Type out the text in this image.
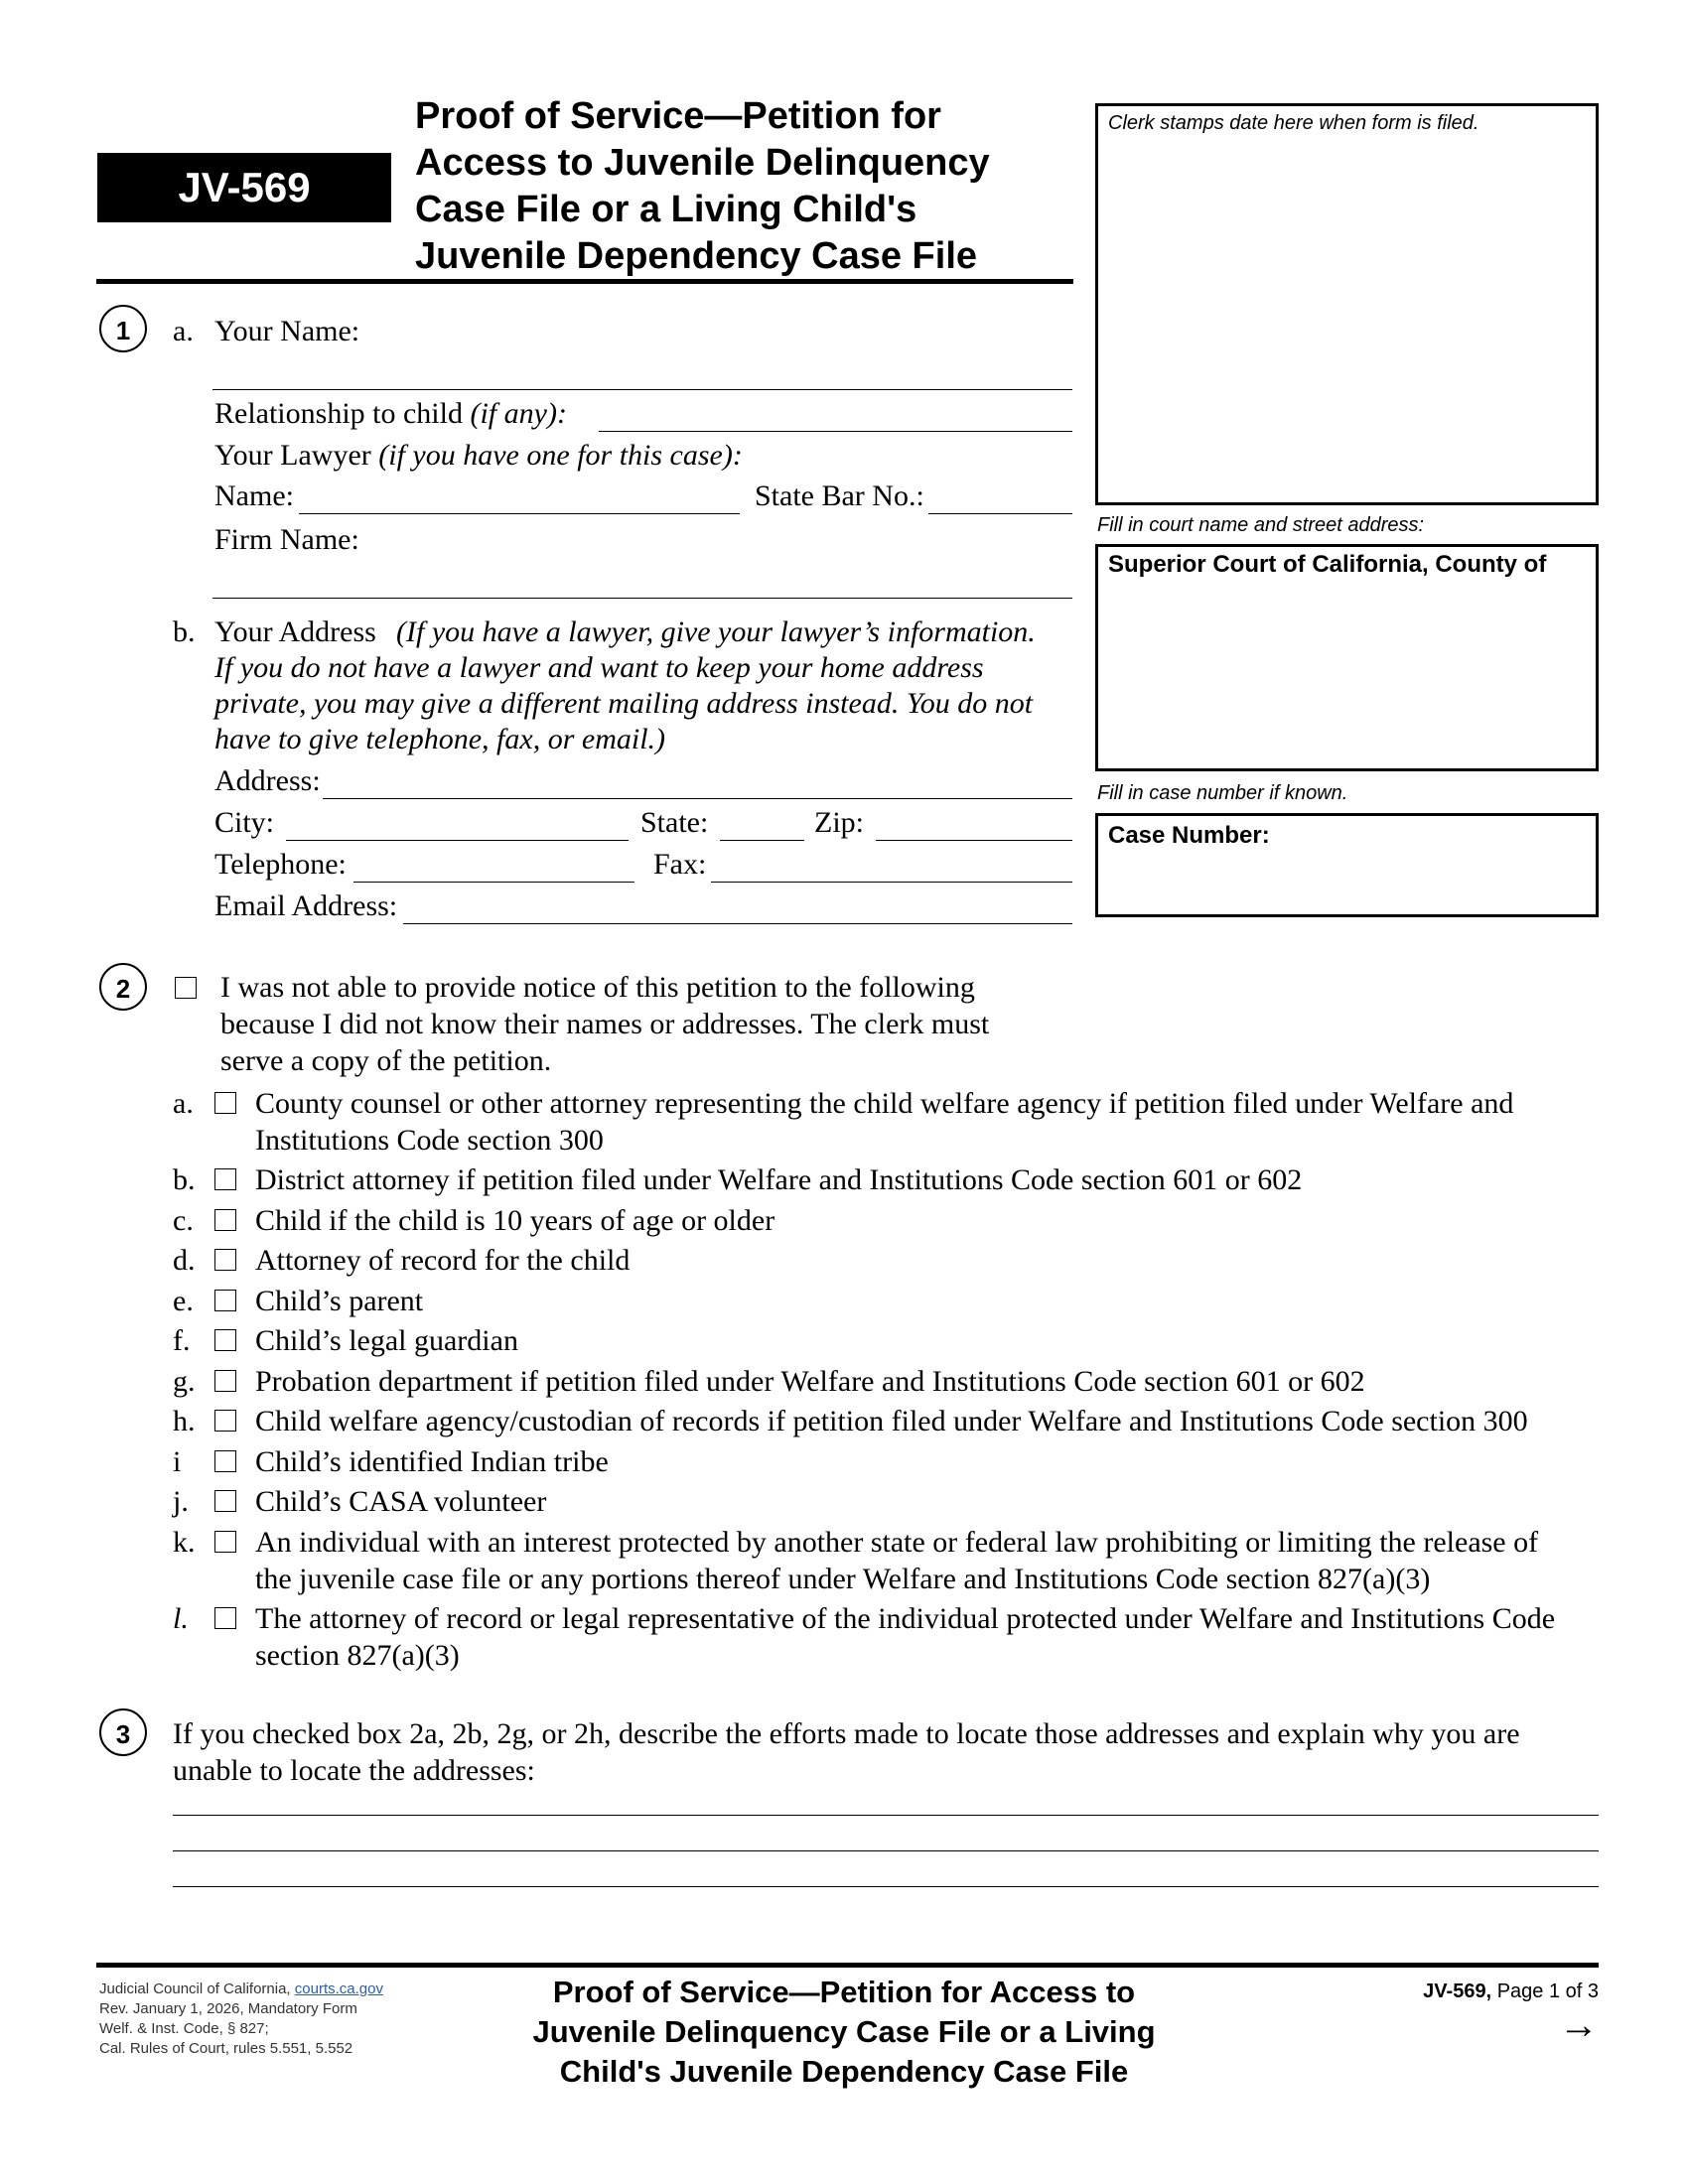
JV-569
Proof of Service—Petition for
Access to Juvenile Delinquency
Case File or a Living Child's
Juvenile Dependency Case File
Clerk stamps date here when form is filed.
Fill in court name and street address:
Superior Court of California, County of
Fill in case number if known.
Case Number:
1	a. Your Name:
Relationship to child (if any):
Your Lawyer (if you have one for this case):
Name:	State Bar No.:
Firm Name:
b. Your Address (If you have a lawyer, give your lawyer’s information.
If you do not have a lawyer and want to keep your home address
private, you may give a different mailing address instead. You do not
have to give telephone, fax, or email.)
Address:
City:	State:	Zip:
Telephone:	Fax:
Email Address:
2	I was not able to provide notice of this petition to the following
because I did not know their names or addresses. The clerk must
serve a copy of the petition.
a. County counsel or other attorney representing the child welfare agency if petition filed under Welfare and
Institutions Code section 300
b. District attorney if petition filed under Welfare and Institutions Code section 601 or 602
c. Child if the child is 10 years of age or older
d. Attorney of record for the child
e. Child’s parent
f. Child’s legal guardian
g. Probation department if petition filed under Welfare and Institutions Code section 601 or 602
h. Child welfare agency/custodian of records if petition filed under Welfare and Institutions Code section 300
i Child’s identified Indian tribe
j. Child’s CASA volunteer
k. An individual with an interest protected by another state or federal law prohibiting or limiting the release of
the juvenile case file or any portions thereof under Welfare and Institutions Code section 827(a)(3)
l. The attorney of record or legal representative of the individual protected under Welfare and Institutions Code
section 827(a)(3)
3	If you checked box 2a, 2b, 2g, or 2h, describe the efforts made to locate those addresses and explain why you are
unable to locate the addresses:
Judicial Council of California, courts.ca.gov
Rev. January 1, 2026, Mandatory Form
Welf. & Inst. Code, § 827;
Cal. Rules of Court, rules 5.551, 5.552
Proof of Service—Petition for Access to
Juvenile Delinquency Case File or a Living
Child's Juvenile Dependency Case File
JV-569, Page 1 of 3
→
